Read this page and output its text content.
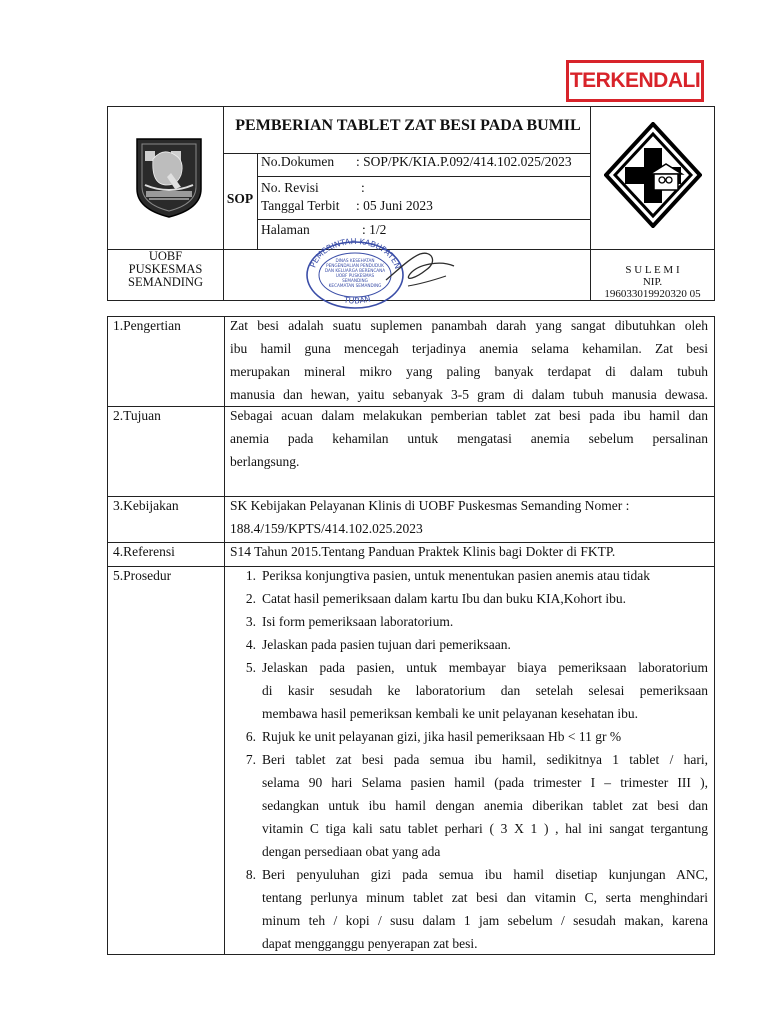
TERKENDALI
PEMBERIAN TABLET ZAT BESI PADA BUMIL
SOP
No.Dokumen : SOP/PK/KIA.P.092/414.102.025/2023
No. Revisi	:
Tanggal Terbit : 05 Juni 2023
Halaman	: 1/2
UOBF
PUSKESMAS
SEMANDING
PEMERINTAH KABUPATEN
TUBAN
DINAS KESEHATAN
PENGENDALIAN PENDUDUK
DAN KELUARGA BERENCANA
UOBF PUSKESMAS
SEMANDING
KECAMATAN SEMANDING
S U L E M I
NIP.
196033019920320 05
1.Pengertian
2.Tujuan
3.Kebijakan
4.Referensi
5.Prosedur
Zat besi adalah suatu suplemen panambah darah yang sangat dibutuhkan oleh
ibu hamil guna mencegah terjadinya anemia selama kehamilan. Zat besi
merupakan mineral mikro yang paling banyak terdapat di dalam tubuh
manusia dan hewan, yaitu sebanyak 3-5 gram di dalam tubuh manusia dewasa.
Sebagai acuan dalam melakukan pemberian tablet zat besi pada ibu hamil dan
anemia pada kehamilan untuk mengatasi anemia sebelum persalinan
berlangsung.
SK Kebijakan Pelayanan Klinis di UOBF Puskesmas Semanding Nomer :
188.4/159/KPTS/414.102.025.2023
S14 Tahun 2015.Tentang Panduan Praktek Klinis bagi Dokter di FKTP.
1. Periksa konjungtiva pasien, untuk menentukan pasien anemis atau tidak
2. Catat hasil pemeriksaan dalam kartu Ibu dan buku KIA,Kohort ibu.
3. Isi form pemeriksaan laboratorium.
4. Jelaskan pada pasien tujuan dari pemeriksaan.
5. Jelaskan pada pasien, untuk membayar biaya pemeriksaan laboratorium
di kasir sesudah ke laboratorium dan setelah selesai pemeriksaan
membawa hasil pemeriksan kembali ke unit pelayanan kesehatan ibu.
6. Rujuk ke unit pelayanan gizi, jika hasil pemeriksaan Hb < 11 gr %
7. Beri tablet zat besi pada semua ibu hamil, sedikitnya 1 tablet / hari,
selama 90 hari Selama pasien hamil (pada trimester I – trimester III ),
sedangkan untuk ibu hamil dengan anemia diberikan tablet zat besi dan
vitamin C tiga kali satu tablet perhari ( 3 X 1 ) , hal ini sangat tergantung
dengan persediaan obat yang ada
8. Beri penyuluhan gizi pada semua ibu hamil disetiap kunjungan ANC,
tentang perlunya minum tablet zat besi dan vitamin C, serta menghindari
minum teh / kopi / susu dalam 1 jam sebelum / sesudah makan, karena
dapat mengganggu penyerapan zat besi.
